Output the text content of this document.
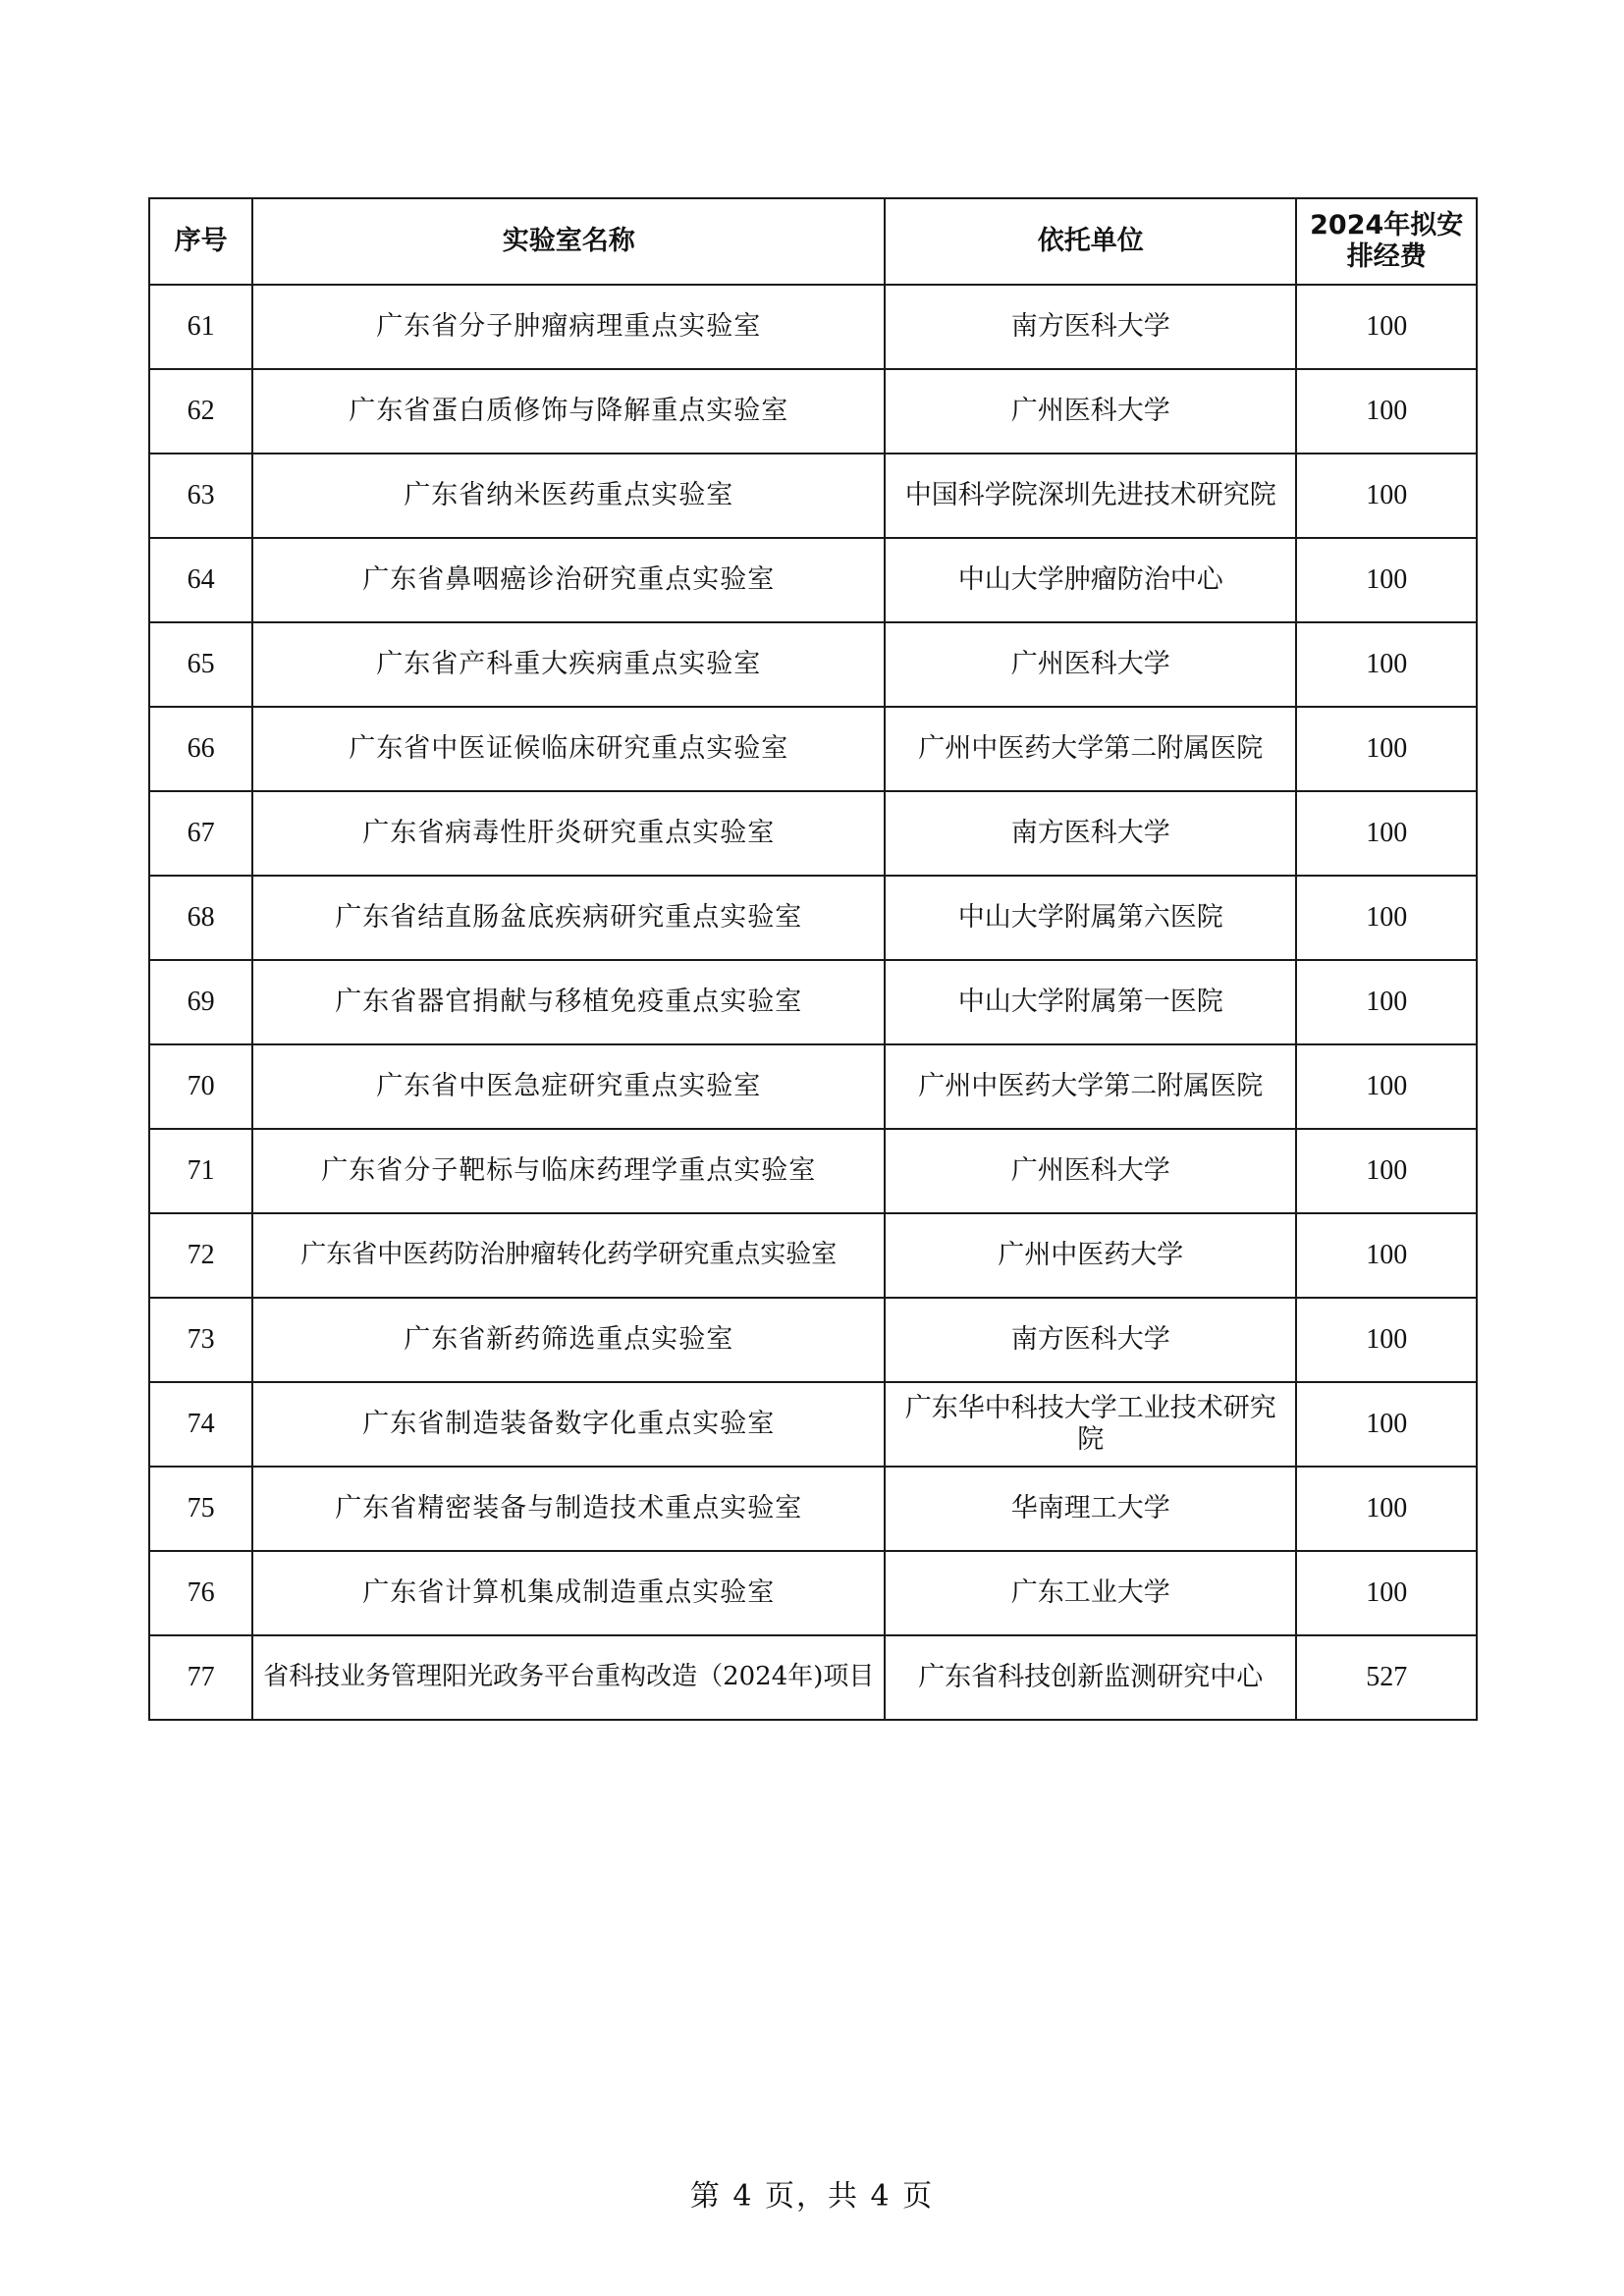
序号	实验室名称	依托单位	2024年拟安排经费
61	广东省分子肿瘤病理重点实验室	南方医科大学	100
62	广东省蛋白质修饰与降解重点实验室	广州医科大学	100
63	广东省纳米医药重点实验室	中国科学院深圳先进技术研究院	100
64	广东省鼻咽癌诊治研究重点实验室	中山大学肿瘤防治中心	100
65	广东省产科重大疾病重点实验室	广州医科大学	100
66	广东省中医证候临床研究重点实验室	广州中医药大学第二附属医院	100
67	广东省病毒性肝炎研究重点实验室	南方医科大学	100
68	广东省结直肠盆底疾病研究重点实验室	中山大学附属第六医院	100
69	广东省器官捐献与移植免疫重点实验室	中山大学附属第一医院	100
70	广东省中医急症研究重点实验室	广州中医药大学第二附属医院	100
71	广东省分子靶标与临床药理学重点实验室	广州医科大学	100
72	广东省中医药防治肿瘤转化药学研究重点实验室	广州中医药大学	100
73	广东省新药筛选重点实验室	南方医科大学	100
74	广东省制造装备数字化重点实验室	广东华中科技大学工业技术研究院	100
75	广东省精密装备与制造技术重点实验室	华南理工大学	100
76	广东省计算机集成制造重点实验室	广东工业大学	100
77	省科技业务管理阳光政务平台重构改造（2024年)项目	广东省科技创新监测研究中心	527
第 4 页，共 4 页
